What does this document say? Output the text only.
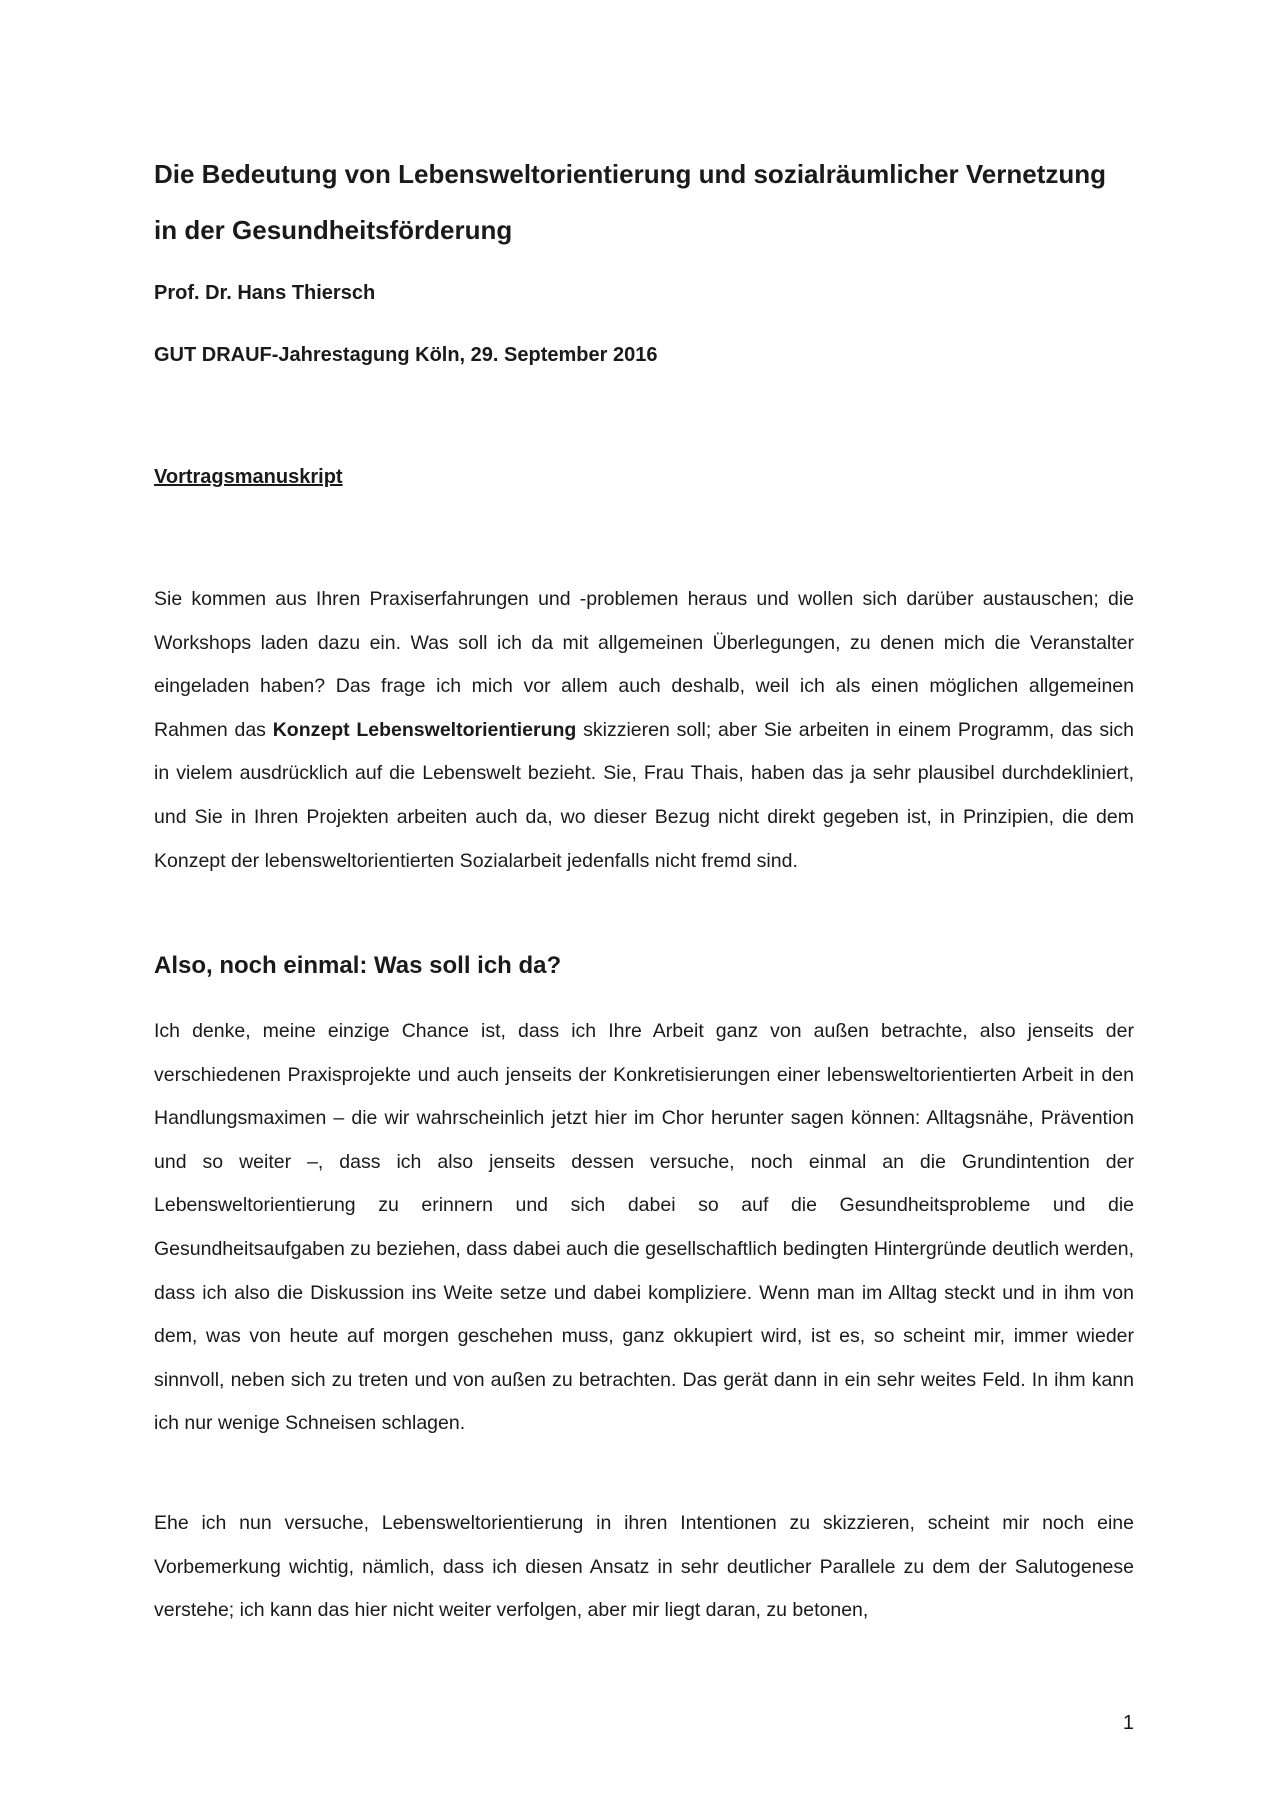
Die Bedeutung von Lebensweltorientierung und sozialräumlicher Vernetzung in der Gesundheitsförderung

Prof. Dr. Hans Thiersch

GUT DRAUF-Jahrestagung Köln, 29. September 2016

Vortragsmanuskript

Sie kommen aus Ihren Praxiserfahrungen und -problemen heraus und wollen sich darüber austauschen; die Workshops laden dazu ein. Was soll ich da mit allgemeinen Überlegungen, zu denen mich die Veranstalter eingeladen haben? Das frage ich mich vor allem auch deshalb, weil ich als einen möglichen allgemeinen Rahmen das Konzept Lebensweltorientierung skizzieren soll; aber Sie arbeiten in einem Programm, das sich in vielem ausdrücklich auf die Lebenswelt bezieht. Sie, Frau Thais, haben das ja sehr plausibel durchdekliniert, und Sie in Ihren Projekten arbeiten auch da, wo dieser Bezug nicht direkt gegeben ist, in Prinzipien, die dem Konzept der lebensweltorientierten Sozialarbeit jedenfalls nicht fremd sind.

Also, noch einmal: Was soll ich da?

Ich denke, meine einzige Chance ist, dass ich Ihre Arbeit ganz von außen betrachte, also jenseits der verschiedenen Praxisprojekte und auch jenseits der Konkretisierungen einer lebensweltorientierten Arbeit in den Handlungsmaximen – die wir wahrscheinlich jetzt hier im Chor herunter sagen können: Alltagsnähe, Prävention und so weiter –, dass ich also jenseits dessen versuche, noch einmal an die Grundintention der Lebensweltorientierung zu erinnern und sich dabei so auf die Gesundheitsprobleme und die Gesundheitsaufgaben zu beziehen, dass dabei auch die gesellschaftlich bedingten Hintergründe deutlich werden, dass ich also die Diskussion ins Weite setze und dabei kompliziere. Wenn man im Alltag steckt und in ihm von dem, was von heute auf morgen geschehen muss, ganz okkupiert wird, ist es, so scheint mir, immer wieder sinnvoll, neben sich zu treten und von außen zu betrachten. Das gerät dann in ein sehr weites Feld. In ihm kann ich nur wenige Schneisen schlagen.

Ehe ich nun versuche, Lebensweltorientierung in ihren Intentionen zu skizzieren, scheint mir noch eine Vorbemerkung wichtig, nämlich, dass ich diesen Ansatz in sehr deutlicher Parallele zu dem der Salutogenese verstehe; ich kann das hier nicht weiter verfolgen, aber mir liegt daran, zu betonen,

1
